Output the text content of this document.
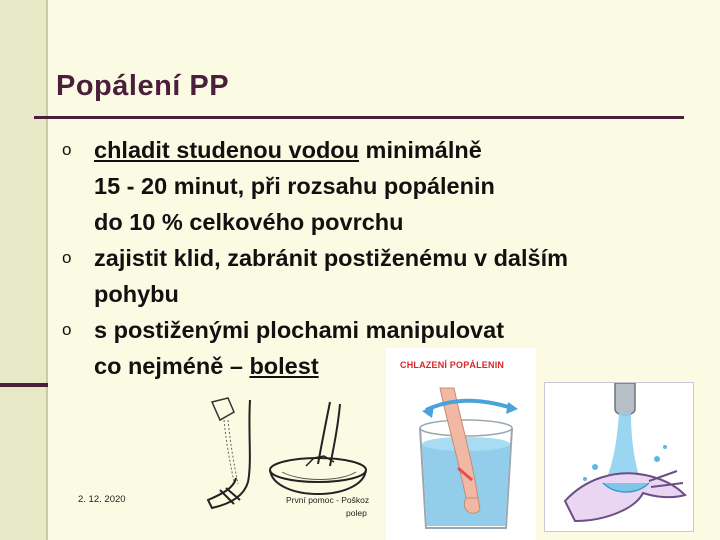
Popálení PP
o chladit studenou vodou minimálně
15 - 20 minut, při rozsahu popálenin
do 10 % celkového povrchu
o zajistit klid, zabránit postiženému v dalším
pohybu
o s postiženými plochami manipulovat
co nejméně – bolest	CHLAZENÍ POPÁLENIN
2. 12. 2020	První pomoc - Poškoz
polep
